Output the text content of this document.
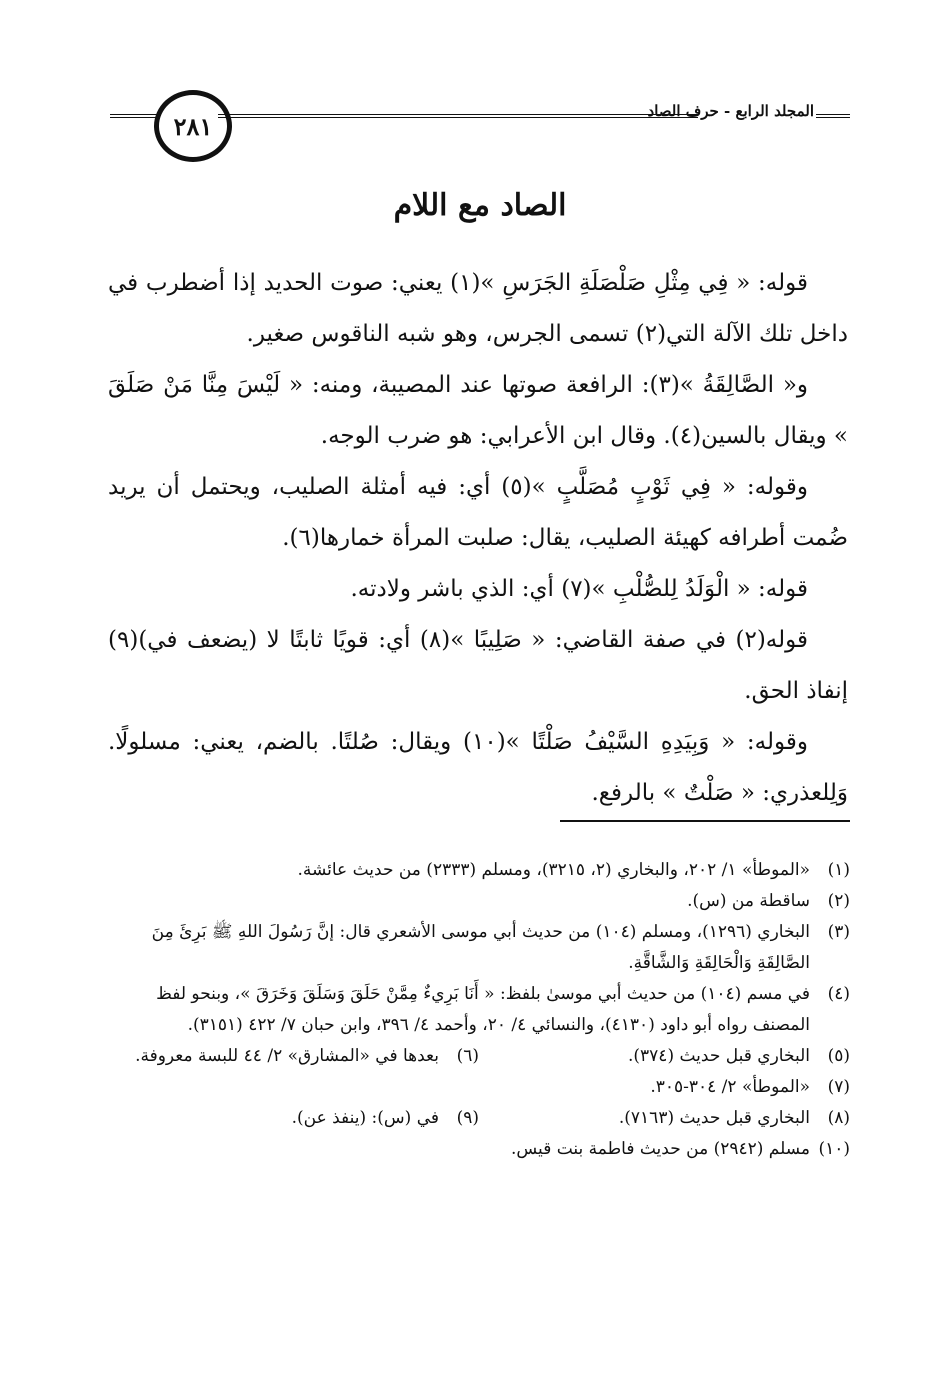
٢٨١
المجلد الرابع - حرف الصاد
الصاد مع اللام

قوله: « فِي مِثْلِ صَلْصَلَةِ الجَرَسِ »(١) يعني: صوت الحديد إذا أضطرب في داخل تلك الآلة التي(٢) تسمى الجرس، وهو شبه الناقوس صغير.

و« الصَّالِقَةُ »(٣): الرافعة صوتها عند المصيبة، ومنه: « لَيْسَ مِنَّا مَنْ صَلَقَ » ويقال بالسين(٤). وقال ابن الأعرابي: هو ضرب الوجه.

وقوله: « فِي ثَوْبٍ مُصَلَّبٍ »(٥) أي: فيه أمثلة الصليب، ويحتمل أن يريد ضُمت أطرافه كهيئة الصليب، يقال: صلبت المرأة خمارها(٦).

قوله: « الْوَلَدُ لِلصُّلْبِ »(٧) أي: الذي باشر ولادته.

قوله(٢) في صفة القاضي: « صَلِيبًا »(٨) أي: قويًا ثابتًا لا (يضعف في)(٩) إنفاذ الحق.

وقوله: « وَبِيَدِهِ السَّيْفُ صَلْتًا »(١٠) ويقال: صُلتًا. بالضم، يعني: مسلولًا. وَلِلعذري: « صَلْتٌ » بالرفع.

(١)
«الموطأ» ١/ ٢٠٢، والبخاري (٢، ٣٢١٥)، ومسلم (٢٣٣٣) من حديث عائشة.
(٢)
ساقطة من (س).
(٣)
البخاري (١٢٩٦)، ومسلم (١٠٤) من حديث أبي موسى الأشعري قال: إنَّ رَسُولَ اللهِ ﷺ بَرِئَ مِنَ الصَّالِقَةِ وَالْحَالِقَةِ وَالشَّاقَّةِ.
(٤)
في مسم (١٠٤) من حديث أبي موسىٰ بلفظ: « أَنَا بَرِيءٌ مِمَّنْ حَلَقَ وَسَلَقَ وَخَرَقَ »، وبنحو لفظ المصنف رواه أبو داود (٤١٣٠)، والنسائي ٤/ ٢٠، وأحمد ٤/ ٣٩٦، وابن حبان ٧/ ٤٢٢ (٣١٥١).
(٥)
البخاري قبل حديث (٣٧٤).
(٦)
بعدها في «المشارق» ٢/ ٤٤ للبسة معروفة.
(٧)
«الموطأ» ٢/ ٣٠٤-٣٠٥.
(٨)
البخاري قبل حديث (٧١٦٣).
(٩)
في (س): (ينفذ عن).
(١٠)
مسلم (٢٩٤٢) من حديث فاطمة بنت قيس.
